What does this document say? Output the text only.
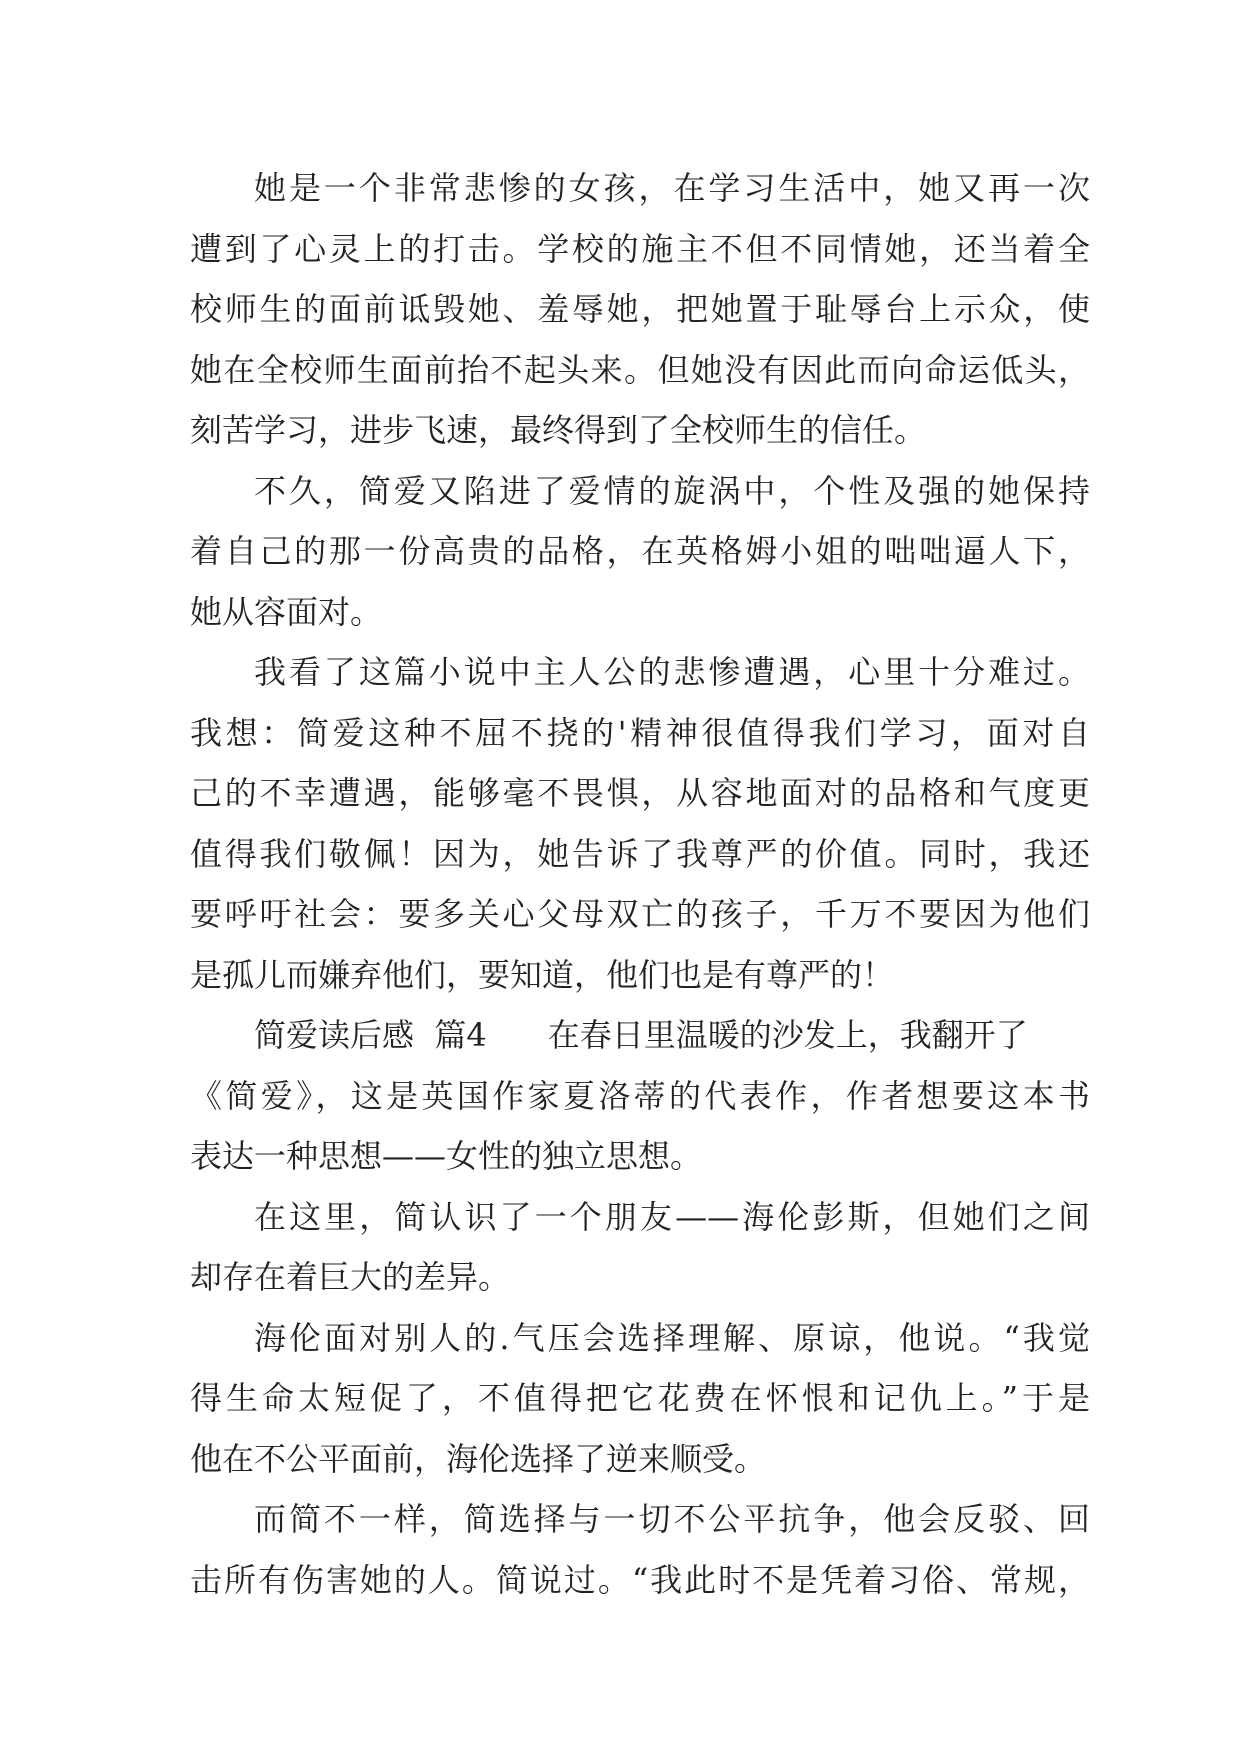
她是一个非常悲惨的女孩，在学习生活中，她又再一次
遭到了心灵上的打击。学校的施主不但不同情她，还当着全
校师生的面前诋毁她、羞辱她，把她置于耻辱台上示众，使
她在全校师生面前抬不起头来。但她没有因此而向命运低头，
刻苦学习，进步飞速，最终得到了全校师生的信任。
不久，简爱又陷进了爱情的旋涡中，个性及强的她保持
着自己的那一份高贵的品格，在英格姆小姐的咄咄逼人下，
她从容面对。
我看了这篇小说中主人公的悲惨遭遇，心里十分难过。
我想：简爱这种不屈不挠的'精神很值得我们学习，面对自
己的不幸遭遇，能够毫不畏惧，从容地面对的品格和气度更
值得我们敬佩！因为，她告诉了我尊严的价值。同时，我还
要呼吁社会：要多关心父母双亡的孩子，千万不要因为他们
是孤儿而嫌弃他们，要知道，他们也是有尊严的！
简爱读后感  篇4      在春日里温暖的沙发上，我翻开了
《简爱》，这是英国作家夏洛蒂的代表作，作者想要这本书
表达一种思想——女性的独立思想。
在这里，简认识了一个朋友——海伦彭斯，但她们之间
却存在着巨大的差异。
海伦面对别人的.气压会选择理解、原谅，他说。“我觉
得生命太短促了，不值得把它花费在怀恨和记仇上。”于是
他在不公平面前，海伦选择了逆来顺受。
而简不一样，简选择与一切不公平抗争，他会反驳、回
击所有伤害她的人。简说过。“我此时不是凭着习俗、常规，
